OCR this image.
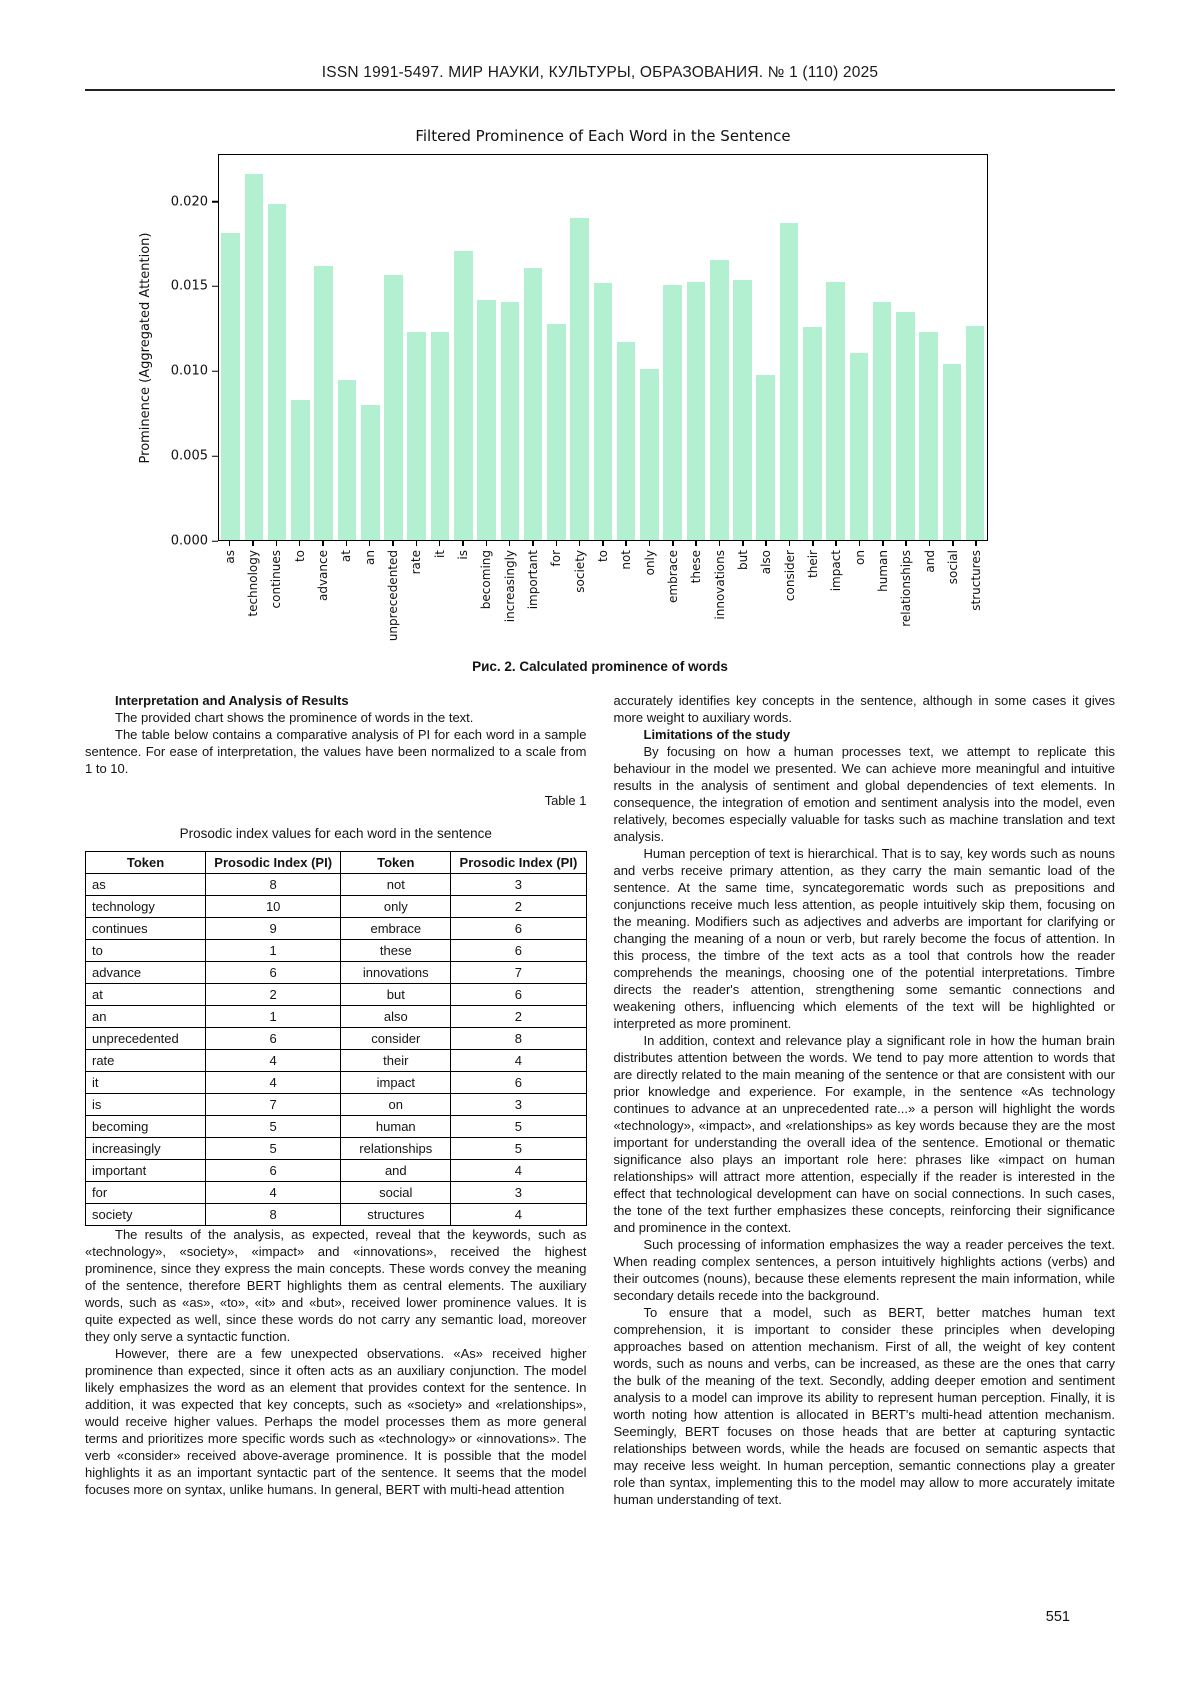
ISSN 1991-5497. МИР НАУКИ, КУЛЬТУРЫ, ОБРАЗОВАНИЯ. № 1 (110) 2025
Filtered Prominence of Each Word in the Sentence
Prominence (Aggregated Attention)
0.000
0.005
0.010
0.015
0.020
as technology continues to advance at an unprecedented rate it is becoming increasingly important for society to not only embrace these innovations but also consider their impact on human relationships and social structures
Рис. 2. Calculated prominence of words

Interpretation and Analysis of Results

The provided chart shows the prominence of words in the text.

The table below contains a comparative analysis of PI for each word in a sample sentence. For ease of interpretation, the values have been normalized to a scale from 1 to 10.

Table 1
Prosodic index values for each word in the sentence
Token	Prosodic Index (PI)	Token	Prosodic Index (PI)
as	8	not	3
technology	10	only	2
continues	9	embrace	6
to	1	these	6
advance	6	innovations	7
at	2	but	6
an	1	also	2
unprecedented	6	consider	8
rate	4	their	4
it	4	impact	6
is	7	on	3
becoming	5	human	5
increasingly	5	relationships	5
important	6	and	4
for	4	social	3
society	8	structures	4

The results of the analysis, as expected, reveal that the keywords, such as «technology», «society», «impact» and «innovations», received the highest prominence, since they express the main concepts. These words convey the meaning of the sentence, therefore BERT highlights them as central elements. The auxiliary words, such as «as», «to», «it» and «but», received lower prominence values. It is quite expected as well, since these words do not carry any semantic load, moreover they only serve a syntactic function.

However, there are a few unexpected observations. «As» received higher prominence than expected, since it often acts as an auxiliary conjunction. The model likely emphasizes the word as an element that provides context for the sentence. In addition, it was expected that key concepts, such as «society» and «relationships», would receive higher values. Perhaps the model processes them as more general terms and prioritizes more specific words such as «technology» or «innovations». The verb «consider» received above-average prominence. It is possible that the model highlights it as an important syntactic part of the sentence. It seems that the model focuses more on syntax, unlike humans. In general, BERT with multi-head attention

accurately identifies key concepts in the sentence, although in some cases it gives more weight to auxiliary words.

Limitations of the study

By focusing on how a human processes text, we attempt to replicate this behaviour in the model we presented. We can achieve more meaningful and intuitive results in the analysis of sentiment and global dependencies of text elements. In consequence, the integration of emotion and sentiment analysis into the model, even relatively, becomes especially valuable for tasks such as machine translation and text analysis.

Human perception of text is hierarchical. That is to say, key words such as nouns and verbs receive primary attention, as they carry the main semantic load of the sentence. At the same time, syncategorematic words such as prepositions and conjunctions receive much less attention, as people intuitively skip them, focusing on the meaning. Modifiers such as adjectives and adverbs are important for clarifying or changing the meaning of a noun or verb, but rarely become the focus of attention. In this process, the timbre of the text acts as a tool that controls how the reader comprehends the meanings, choosing one of the potential interpretations. Timbre directs the reader's attention, strengthening some semantic connections and weakening others, influencing which elements of the text will be highlighted or interpreted as more prominent.

In addition, context and relevance play a significant role in how the human brain distributes attention between the words. We tend to pay more attention to words that are directly related to the main meaning of the sentence or that are consistent with our prior knowledge and experience. For example, in the sentence «As technology continues to advance at an unprecedented rate...» a person will highlight the words «technology», «impact», and «relationships» as key words because they are the most important for understanding the overall idea of the sentence. Emotional or thematic significance also plays an important role here: phrases like «impact on human relationships» will attract more attention, especially if the reader is interested in the effect that technological development can have on social connections. In such cases, the tone of the text further emphasizes these concepts, reinforcing their significance and prominence in the context.

Such processing of information emphasizes the way a reader perceives the text. When reading complex sentences, a person intuitively highlights actions (verbs) and their outcomes (nouns), because these elements represent the main information, while secondary details recede into the background.

To ensure that a model, such as BERT, better matches human text comprehension, it is important to consider these principles when developing approaches based on attention mechanism. First of all, the weight of key content words, such as nouns and verbs, can be increased, as these are the ones that carry the bulk of the meaning of the text. Secondly, adding deeper emotion and sentiment analysis to a model can improve its ability to represent human perception. Finally, it is worth noting how attention is allocated in BERT's multi-head attention mechanism. Seemingly, BERT focuses on those heads that are better at capturing syntactic relationships between words, while the heads are focused on semantic aspects that may receive less weight. In human perception, semantic connections play a greater role than syntax, implementing this to the model may allow to more accurately imitate human understanding of text.

551
